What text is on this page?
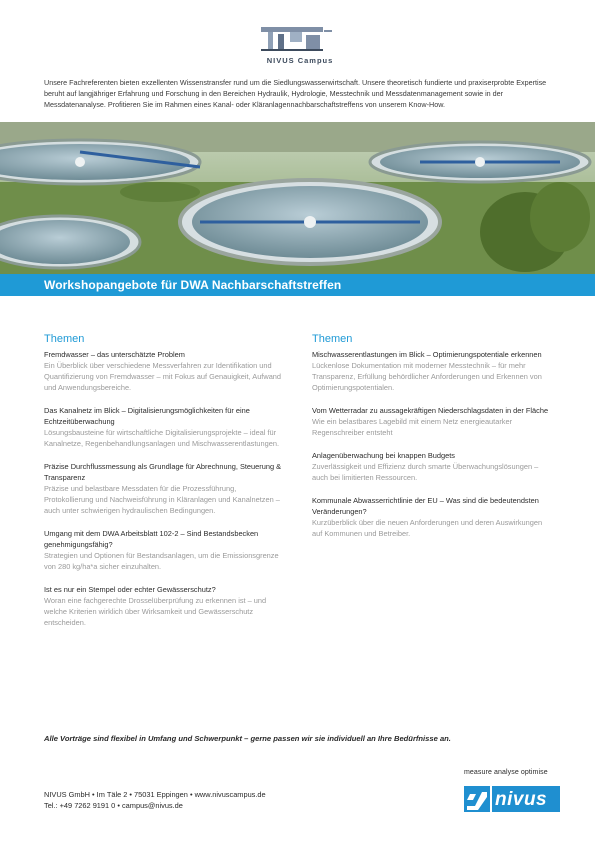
NIVUS Campus
Unsere Fachreferenten bieten exzellenten Wissenstransfer rund um die Siedlungswasserwirtschaft. Unsere theoretisch fundierte und praxiserprobte Expertise beruht auf langjähriger Erfahrung und Forschung in den Bereichen Hydraulik, Hydrologie, Messtechnik und Messdatenmanagement sowie in der Messdatenanalyse. Profitieren Sie im Rahmen eines Kanal- oder Kläranlagennachbarschaftstreffens von unserem Know-How.
Workshopangebote für DWA Nachbarschaftstreffen
Themen
Fremdwasser – das unterschätzte Problem
Ein Überblick über verschiedene Messverfahren zur Identifikation und Quantifizierung von Fremdwasser – mit Fokus auf Genauigkeit, Aufwand und Anwendungsbereiche.
Das Kanalnetz im Blick – Digitalisierungsmöglichkeiten für eine Echtzeitüberwachung
Lösungsbausteine für wirtschaftliche Digitalisierungsprojekte – ideal für Kanalnetze, Regenbehandlungsanlagen und Mischwasserentlastungen.
Präzise Durchflussmessung als Grundlage für Abrechnung, Steuerung & Transparenz
Präzise und belastbare Messdaten für die Prozessführung, Protokollierung und Nachweisführung in Kläranlagen und Kanalnetzen – auch unter schwierigen hydraulischen Bedingungen.
Umgang mit dem DWA Arbeitsblatt 102-2 – Sind Bestandsbecken genehmigungsfähig?
Strategien und Optionen für Bestandsanlagen, um die Emissionsgrenze von 280 kg/ha*a sicher einzuhalten.
Ist es nur ein Stempel oder echter Gewässerschutz?
Woran eine fachgerechte Drosselüberprüfung zu erkennen ist – und welche Kriterien wirklich über Wirksamkeit und Gewässerschutz entscheiden.
Themen
Mischwasserentlastungen im Blick – Optimierungspotentiale erkennen
Lückenlose Dokumentation mit moderner Messtechnik – für mehr Transparenz, Erfüllung behördlicher Anforderungen und Erkennen von Optimierungspotentialen.
Vom Wetterradar zu aussagekräftigen Niederschlagsdaten in der Fläche
Wie ein belastbares Lagebild mit einem Netz energieautarker Regenschreiber entsteht
Anlagenüberwachung bei knappen Budgets
Zuverlässigkeit und Effizienz durch smarte Überwachungslösungen – auch bei limitierten Ressourcen.
Kommunale Abwasserrichtlinie der EU – Was sind die bedeutendsten Veränderungen?
Kurzüberblick über die neuen Anforderungen und deren Auswirkungen auf Kommunen und Betreiber.
Alle Vorträge sind flexibel in Umfang und Schwerpunkt – gerne passen wir sie individuell an Ihre Bedürfnisse an.
NIVUS GmbH • Im Täle 2 • 75031 Eppingen • www.nivuscampus.de
Tel.: +49 7262 9191 0 • campus@nivus.de
measure analyse optimise
nivus
